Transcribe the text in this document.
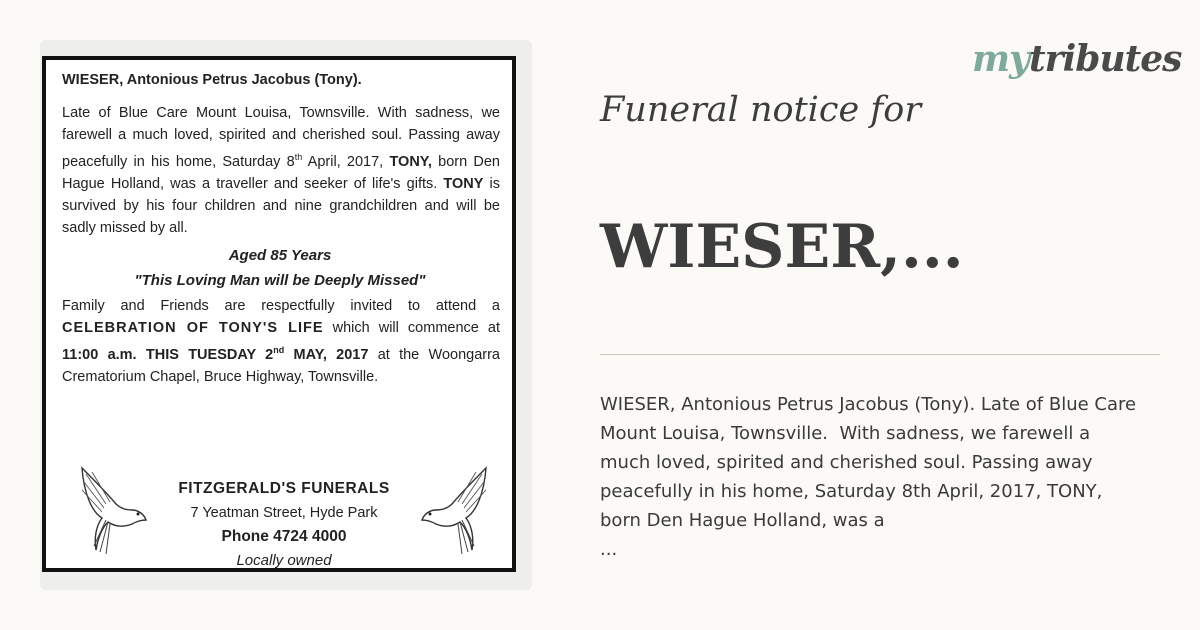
WIESER, Antonious Petrus Jacobus (Tony).

Late of Blue Care Mount Louisa, Townsville. With sadness, we farewell a much loved, spirited and cherished soul. Passing away peacefully in his home, Saturday 8th April, 2017, TONY, born Den Hague Holland, was a traveller and seeker of life's gifts. TONY is survived by his four children and nine grandchildren and will be sadly missed by all.

Aged 85 Years
"This Loving Man will be Deeply Missed"

Family and Friends are respectfully invited to attend a CELEBRATION OF TONY'S LIFE which will commence at 11:00 a.m. THIS TUESDAY 2nd MAY, 2017 at the Woongarra Crematorium Chapel, Bruce Highway, Townsville.

FITZGERALD'S FUNERALS
7 Yeatman Street, Hyde Park
Phone 4724 4000
Locally owned
mytributes
Funeral notice for
WIESER,...
WIESER, Antonious Petrus Jacobus (Tony). Late of Blue Care Mount Louisa, Townsville.  With sadness, we farewell a much loved, spirited and cherished soul. Passing away peacefully in his home, Saturday 8th April, 2017, TONY, born Den Hague Holland, was a
...
